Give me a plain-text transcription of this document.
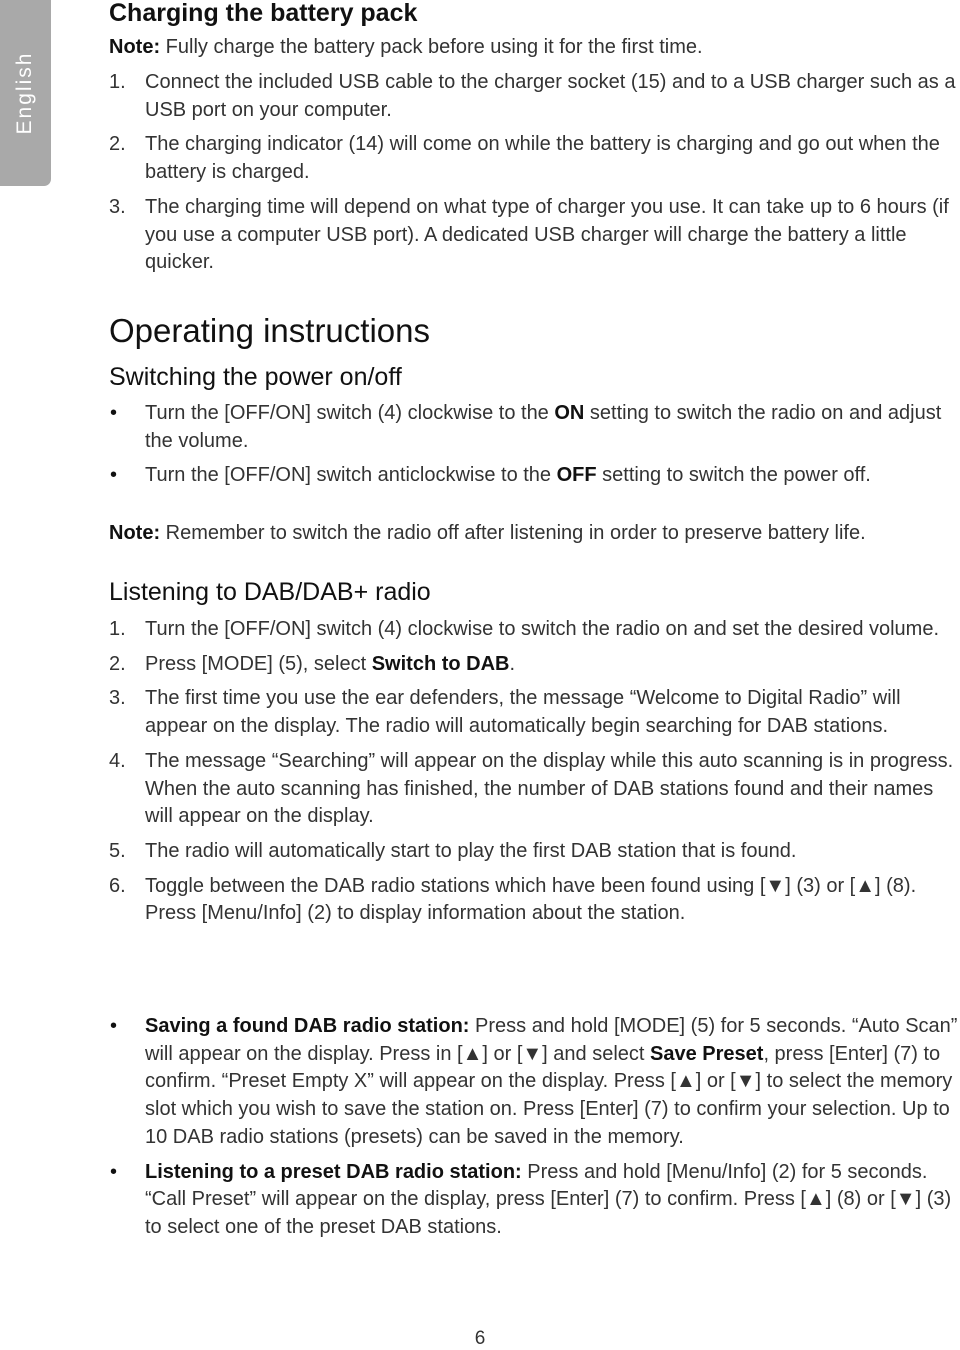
English
Charging the battery pack
Note: Fully charge the battery pack before using it for the first time.
1. Connect the included USB cable to the charger socket (15) and to a USB charger such as a USB port on your computer.
2. The charging indicator (14) will come on while the battery is charging and go out when the battery is charged.
3. The charging time will depend on what type of charger you use. It can take up to 6 hours (if you use a computer USB port). A dedicated USB charger will charge the battery a little quicker.
Operating instructions
Switching the power on/off
• Turn the [OFF/ON] switch (4) clockwise to the ON setting to switch the radio on and adjust the volume.
• Turn the [OFF/ON] switch anticlockwise to the OFF setting to switch the power off.
Note: Remember to switch the radio off after listening in order to preserve battery life.
Listening to DAB/DAB+ radio
1. Turn the [OFF/ON] switch (4) clockwise to switch the radio on and set the desired volume.
2. Press [MODE] (5), select Switch to DAB.
3. The first time you use the ear defenders, the message “Welcome to Digital Radio” will appear on the display. The radio will automatically begin searching for DAB stations.
4. The message “Searching” will appear on the display while this auto scanning is in progress. When the auto scanning has finished, the number of DAB stations found and their names will appear on the display.
5. The radio will automatically start to play the first DAB station that is found.
6. Toggle between the DAB radio stations which have been found using [▼] (3) or [▲] (8). Press [Menu/Info] (2) to display information about the station.
• Saving a found DAB radio station: Press and hold [MODE] (5) for 5 seconds. “Auto Scan” will appear on the display. Press in [▲] or [▼] and select Save Preset, press [Enter] (7) to confirm. “Preset Empty X” will appear on the display. Press [▲] or [▼] to select the memory slot which you wish to save the station on. Press [Enter] (7) to confirm your selection. Up to 10 DAB radio stations (presets) can be saved in the memory.
• Listening to a preset DAB radio station: Press and hold [Menu/Info] (2) for 5 seconds. “Call Preset” will appear on the display, press [Enter] (7) to confirm. Press [▲] (8) or [▼] (3) to select one of the preset DAB stations.
6
